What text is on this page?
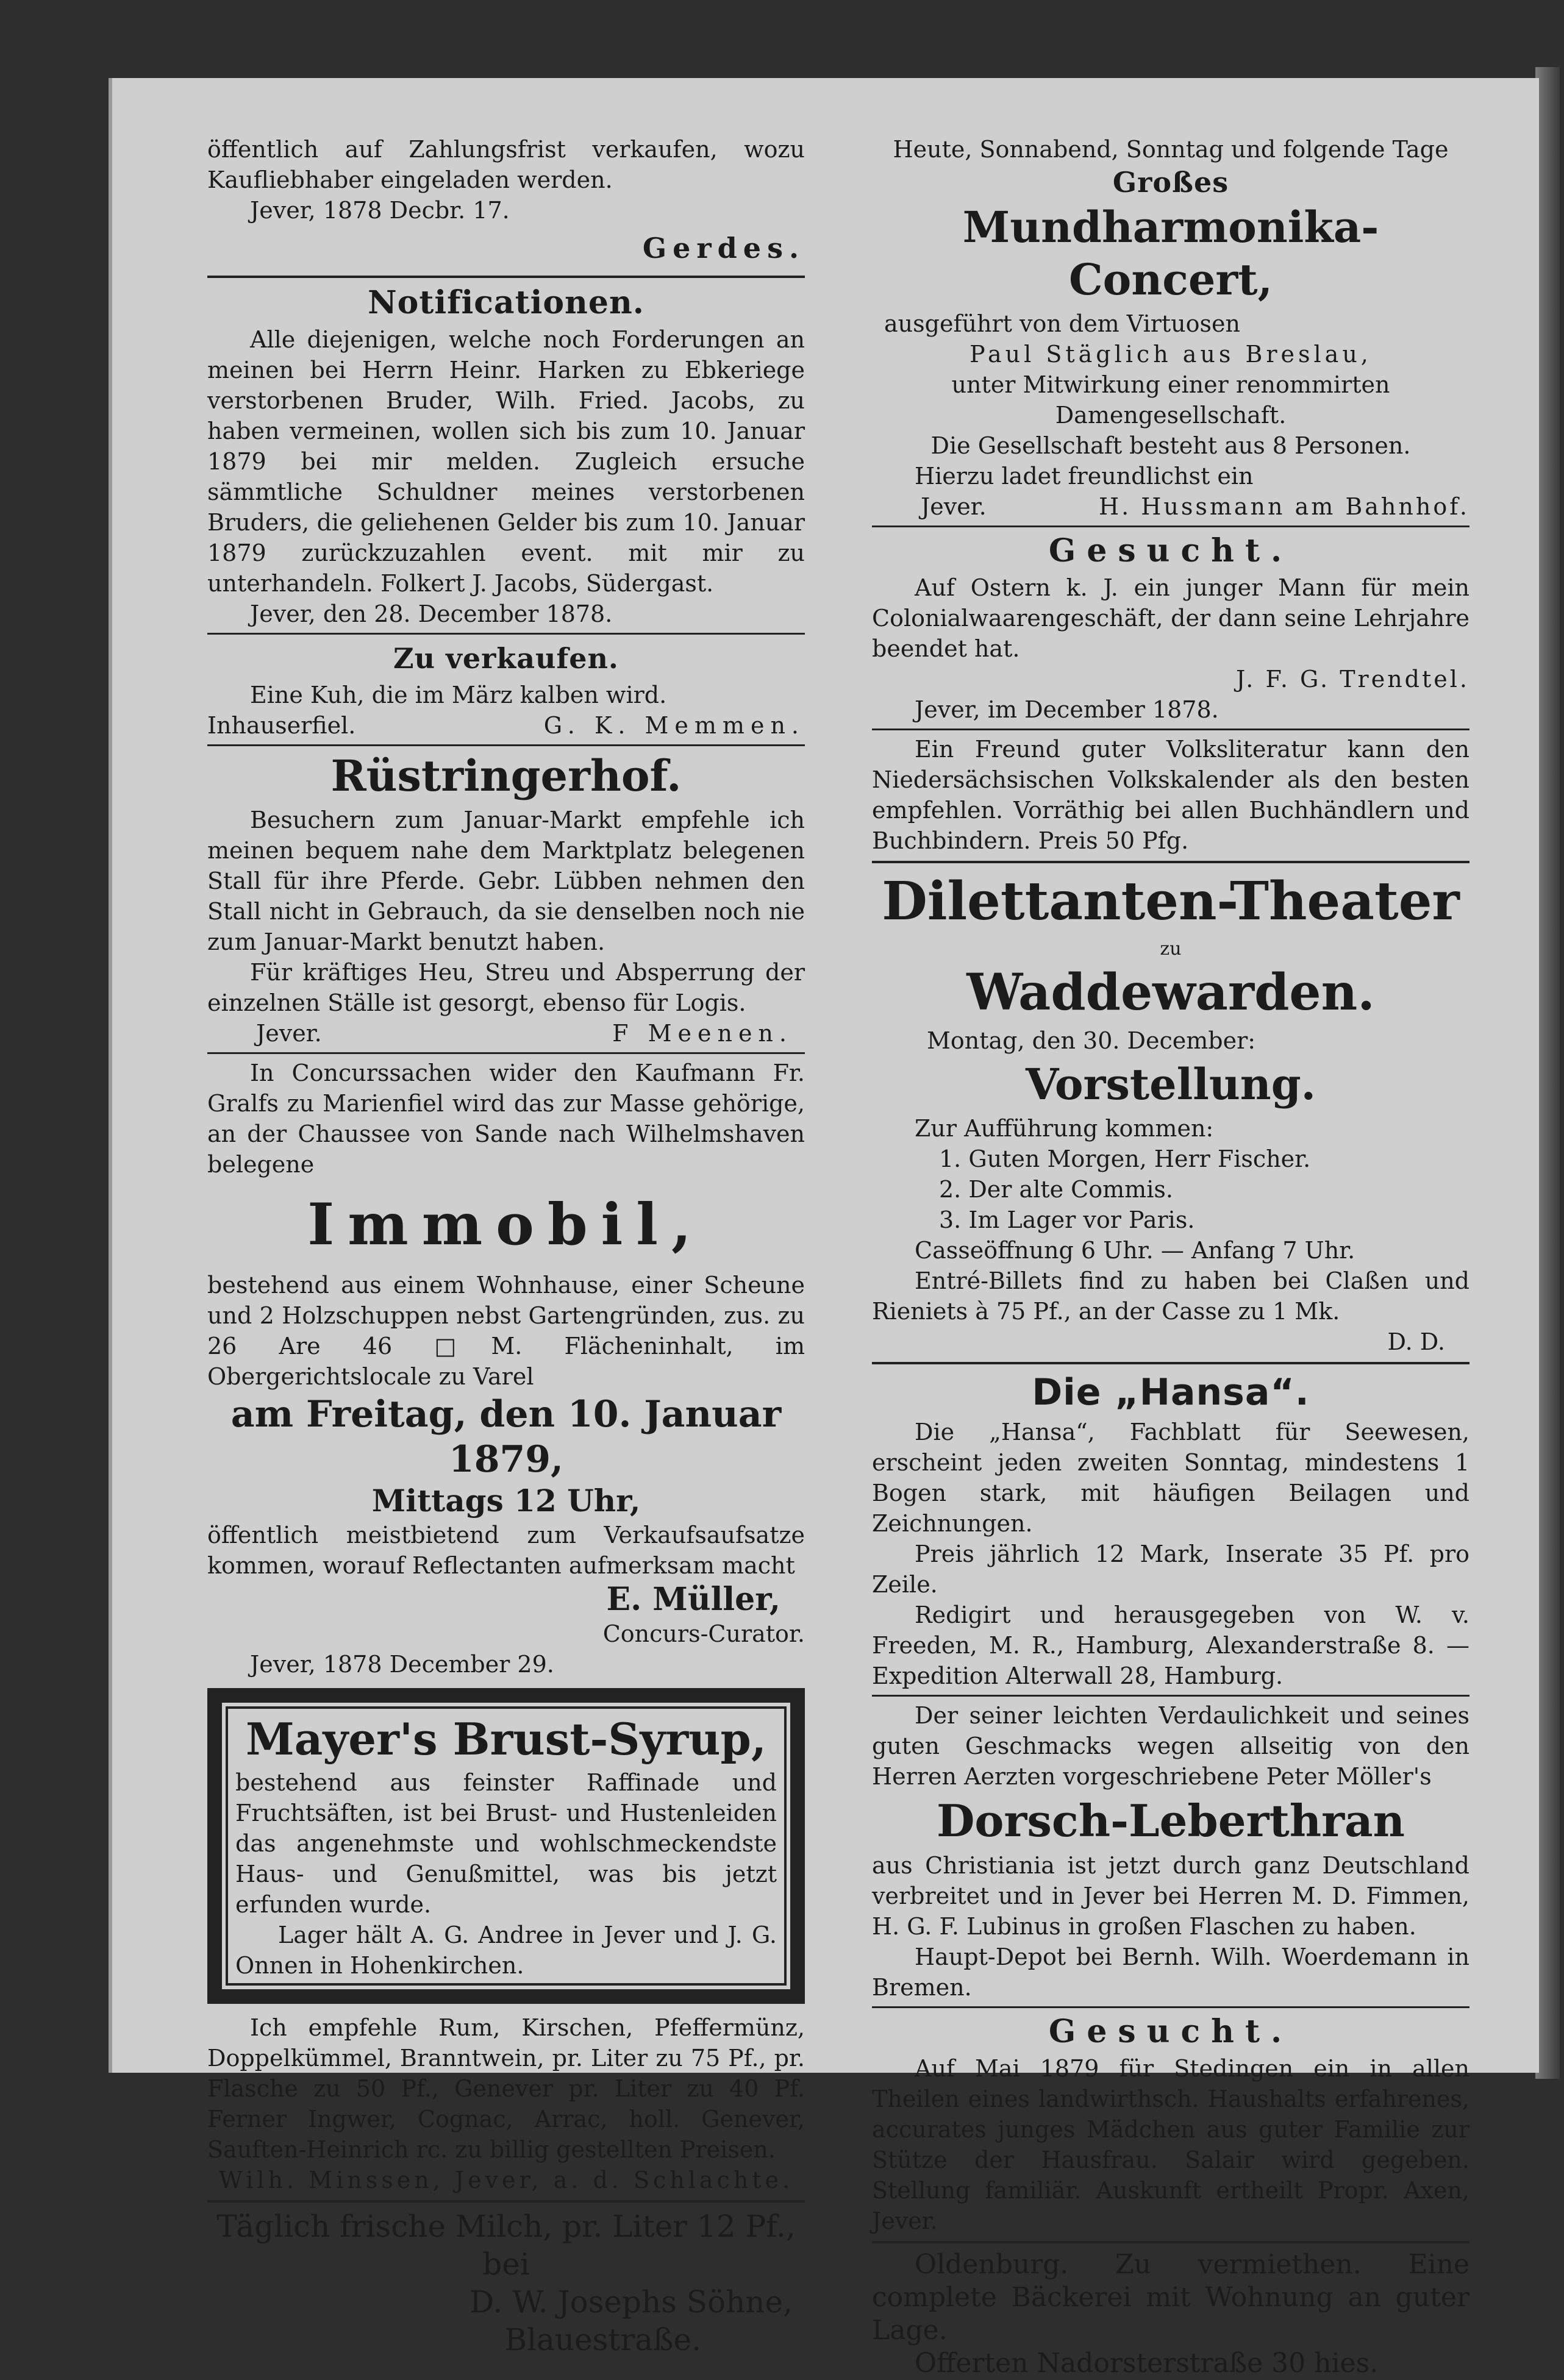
öffentlich auf Zahlungsfrist verkaufen, wozu Kaufliebhaber eingeladen werden.

Jever, 1878 Decbr. 17.

Gerdes.

Notificationen.

Alle diejenigen, welche noch Forderungen an meinen bei Herrn Heinr. Harken zu Ebkeriege verstorbenen Bruder, Wilh. Fried. Jacobs, zu haben vermeinen, wollen sich bis zum 10. Januar 1879 bei mir melden. Zugleich ersuche sämmtliche Schuldner meines verstorbenen Bruders, die geliehenen Gelder bis zum 10. Januar 1879 zurückzuzahlen event. mit mir zu unterhandeln. Folkert J. Jacobs, Südergast.

Jever, den 28. December 1878.

Zu verkaufen.

Eine Kuh, die im März kalben wird.

Inhauserfiel.	G. K. Memmen.
Rüstringerhof.

Besuchern zum Januar-Markt empfehle ich meinen bequem nahe dem Marktplatz belegenen Stall für ihre Pferde. Gebr. Lübben nehmen den Stall nicht in Gebrauch, da sie denselben noch nie zum Januar-Markt benutzt haben.

Für kräftiges Heu, Streu und Absperrung der einzelnen Ställe ist gesorgt, ebenso für Logis.

Jever.	F Meenen.

In Concurssachen wider den Kaufmann Fr. Gralfs zu Marienfiel wird das zur Masse gehörige, an der Chaussee von Sande nach Wilhelmshaven belegene

Immobil,

bestehend aus einem Wohnhause, einer Scheune und 2 Holzschuppen nebst Gartengründen, zus. zu 26 Are 46 □M. Flächeninhalt, im Obergerichtslocale zu Varel

am Freitag, den 10. Januar 1879,
Mittags 12 Uhr,

öffentlich meistbietend zum Verkaufsaufsatze kommen, worauf Reflectanten aufmerksam macht

E. Müller,

Concurs-Curator.

Jever, 1878 December 29.

Mayer's Brust-Syrup,

bestehend aus feinster Raffinade und Fruchtsäften, ist bei Brust- und Hustenleiden das angenehmste und wohlschmeckendste Haus- und Genußmittel, was bis jetzt erfunden wurde.

Lager hält A. G. Andree in Jever und J. G. Onnen in Hohenkirchen.

Ich empfehle Rum, Kirschen, Pfeffermünz, Doppelkümmel, Branntwein, pr. Liter zu 75 Pf., pr. Flasche zu 50 Pf., Genever pr. Liter zu 40 Pf. Ferner Ingwer, Cognac, Arrac, holl. Genever, Sauften-Heinrich rc. zu billig gestellten Preisen.

Wilh. Minssen, Jever, a. d. Schlachte.

Täglich frische Milch, pr. Liter 12 Pf., bei

D. W. Josephs Söhne,

Blauestraße.

Heute, Sonnabend, Sonntag und folgende Tage

Großes
Mundharmonika-Concert,

ausgeführt von dem Virtuosen

Paul Stäglich aus Breslau,

unter Mitwirkung einer renommirten Damengesellschaft.

Die Gesellschaft besteht aus 8 Personen.

Hierzu ladet freundlichst ein

Jever.	H. Hussmann am Bahnhof.
Gesucht.

Auf Ostern k. J. ein junger Mann für mein Colonialwaarengeschäft, der dann seine Lehrjahre beendet hat.

J. F. G. Trendtel.

Jever, im December 1878.

Ein Freund guter Volksliteratur kann den Niedersächsischen Volkskalender als den besten empfehlen. Vorräthig bei allen Buchhändlern und Buchbindern. Preis 50 Pfg.

Dilettanten-Theater

zu

Waddewarden.

Montag, den 30. December:

Vorstellung.

Zur Aufführung kommen:

1. Guten Morgen, Herr Fischer.

2. Der alte Commis.

3. Im Lager vor Paris.

Casseöffnung 6 Uhr. — Anfang 7 Uhr.

Entré-Billets find zu haben bei Claßen und Rieniets à 75 Pf., an der Casse zu 1 Mk.

D. D.

Die „Hansa“.

Die „Hansa“, Fachblatt für Seewesen, erscheint jeden zweiten Sonntag, mindestens 1 Bogen stark, mit häufigen Beilagen und Zeichnungen.

Preis jährlich 12 Mark, Inserate 35 Pf. pro Zeile.

Redigirt und herausgegeben von W. v. Freeden, M. R., Hamburg, Alexanderstraße 8. — Expedition Alterwall 28, Hamburg.

Der seiner leichten Verdaulichkeit und seines guten Geschmacks wegen allseitig von den Herren Aerzten vorgeschriebene Peter Möller's

Dorsch-Leberthran

aus Christiania ist jetzt durch ganz Deutschland verbreitet und in Jever bei Herren M. D. Fimmen, H. G. F. Lubinus in großen Flaschen zu haben.

Haupt-Depot bei Bernh. Wilh. Woerdemann in Bremen.

Gesucht.

Auf Mai 1879 für Stedingen ein in allen Theilen eines landwirthsch. Haushalts erfahrenes, accurates junges Mädchen aus guter Familie zur Stütze der Hausfrau. Salair wird gegeben. Stellung familiär. Auskunft ertheilt Propr. Axen, Jever.

Oldenburg. Zu vermiethen. Eine complete Bäckerei mit Wohnung an guter Lage.

Offerten Nadorsterstraße 30 hies.
